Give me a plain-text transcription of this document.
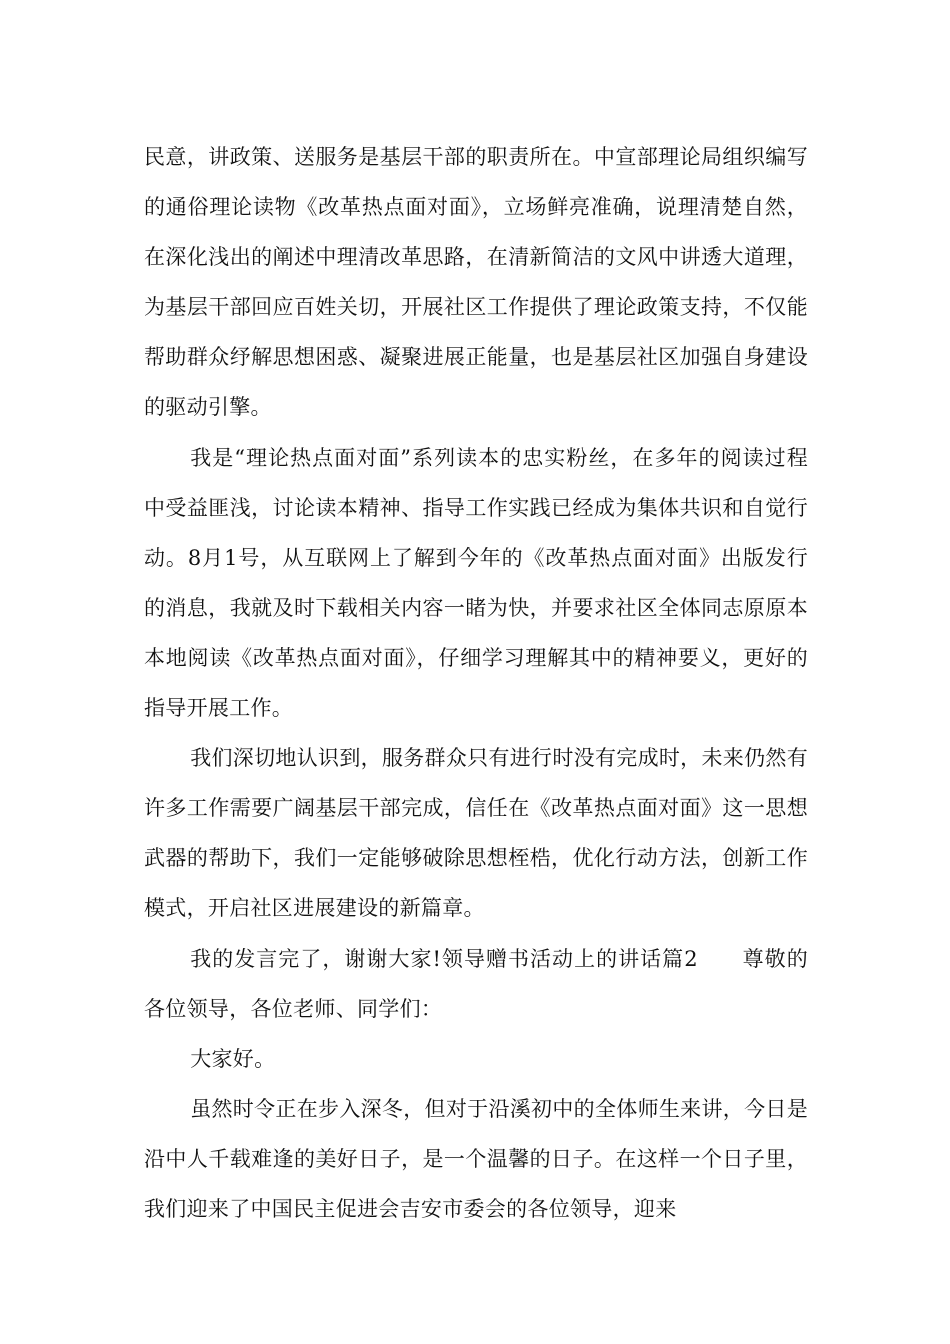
民意，讲政策、送服务是基层干部的职责所在。中宣部理论局组织编写的通俗理论读物《改革热点面对面》，立场鲜亮准确，说理清楚自然，在深化浅出的阐述中理清改革思路，在清新简洁的文风中讲透大道理，为基层干部回应百姓关切，开展社区工作提供了理论政策支持，不仅能帮助群众纾解思想困惑、凝聚进展正能量，也是基层社区加强自身建设的驱动引擎。

我是“理论热点面对面”系列读本的忠实粉丝，在多年的阅读过程中受益匪浅，讨论读本精神、指导工作实践已经成为集体共识和自觉行动。8月1号，从互联网上了解到今年的《改革热点面对面》出版发行的消息，我就及时下载相关内容一睹为快，并要求社区全体同志原原本本地阅读《改革热点面对面》，仔细学习理解其中的精神要义，更好的指导开展工作。

我们深切地认识到，服务群众只有进行时没有完成时，未来仍然有许多工作需要广阔基层干部完成，信任在《改革热点面对面》这一思想武器的帮助下，我们一定能够破除思想桎梏，优化行动方法，创新工作模式，开启社区进展建设的新篇章。

我的发言完了，谢谢大家!领导赠书活动上的讲话篇2　　尊敬的各位领导，各位老师、同学们：

大家好。

虽然时令正在步入深冬，但对于沿溪初中的全体师生来讲，今日是沿中人千载难逢的美好日子，是一个温馨的日子。在这样一个日子里，我们迎来了中国民主促进会吉安市委会的各位领导，迎来
